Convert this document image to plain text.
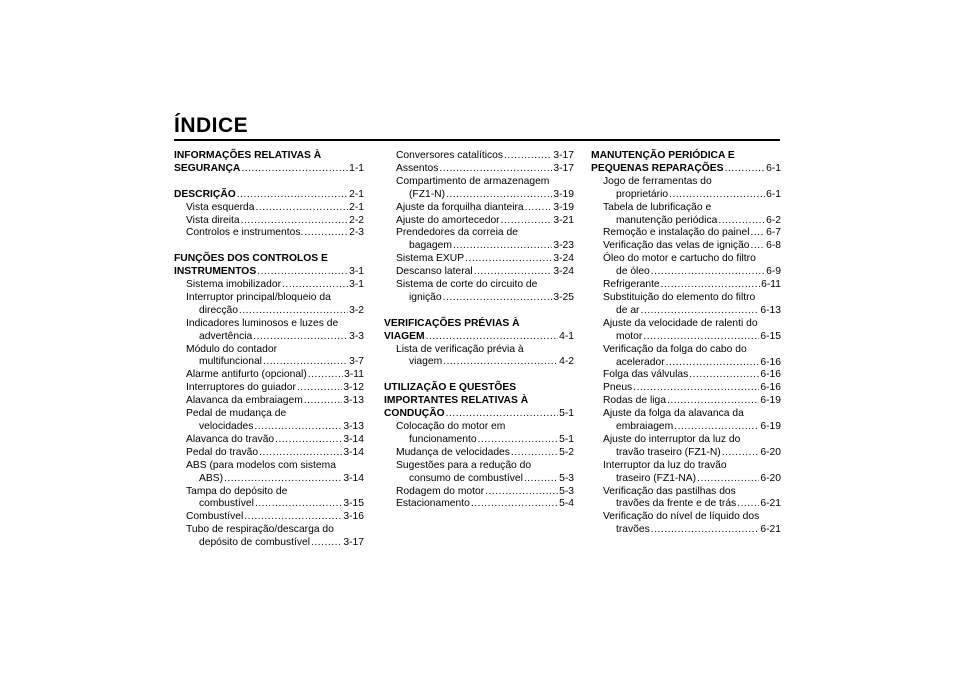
ÍNDICE
INFORMAÇÕES RELATIVAS À
SEGURANÇA .....	1-1
DESCRIÇÃO .....	2-1
Vista esquerda .....	2-1
Vista direita .....	2-2
Controlos e instrumentos. .....	2-3
FUNÇÕES DOS CONTROLOS E
INSTRUMENTOS .....	3-1
Sistema imobilizador .....	3-1
Interruptor principal/bloqueio da
direcção .....	3-2
Indicadores luminosos e luzes de
advertência .....	3-3
Módulo do contador
multifuncional .....	3-7
Alarme antifurto (opcional) .....	3-11
Interruptores do guiador .....	3-12
Alavanca da embraiagem .....	3-13
Pedal de mudança de
velocidades .....	3-13
Alavanca do travão .....	3-14
Pedal do travão .....	3-14
ABS (para modelos com sistema
ABS) .....	3-14
Tampa do depósito de
combustível .....	3-15
Combustível .....	3-16
Tubo de respiração/descarga do
depósito de combustível .....	3-17
Conversores catalíticos .....	3-17
Assentos .....	3-17
Compartimento de armazenagem
(FZ1-N) .....	3-19
Ajuste da forquilha dianteira .....	3-19
Ajuste do amortecedor .....	3-21
Prendedores da correia de
bagagem .....	3-23
Sistema EXUP .....	3-24
Descanso lateral .....	3-24
Sistema de corte do circuito de
ignição .....	3-25
VERIFICAÇÕES PRÉVIAS À
VIAGEM .....	4-1
Lista de verificação prévia à
viagem .....	4-2
UTILIZAÇÃO E QUESTÕES
IMPORTANTES RELATIVAS À
CONDUÇÃO .....	5-1
Colocação do motor em
funcionamento .....	5-1
Mudança de velocidades .....	5-2
Sugestões para a redução do
consumo de combustível .....	5-3
Rodagem do motor .....	5-3
Estacionamento .....	5-4
MANUTENÇÃO PERIÓDICA E
PEQUENAS REPARAÇÕES .....	6-1
Jogo de ferramentas do
proprietário .....	6-1
Tabela de lubrificação e
manutenção periódica .....	6-2
Remoção e instalação do painel ..... 6-7
Verificação das velas de ignição ..... 6-8
Óleo do motor e cartucho do filtro
de óleo .....	6-9
Refrigerante .....	6-11
Substituição do elemento do filtro
de ar .....	6-13
Ajuste da velocidade de ralenti do
motor .....	6-15
Verificação da folga do cabo do
acelerador .....	6-16
Folga das válvulas .....	6-16
Pneus .....	6-16
Rodas de liga .....	6-19
Ajuste da folga da alavanca da
embraiagem .....	6-19
Ajuste do interruptor da luz do
travão traseiro (FZ1-N) .....	6-20
Interruptor da luz do travão
traseiro (FZ1-NA) .....	6-20
Verificação das pastilhas dos
travões da frente e de trás ..... 6-21
Verificação do nível de líquido dos
travões .....	6-21
